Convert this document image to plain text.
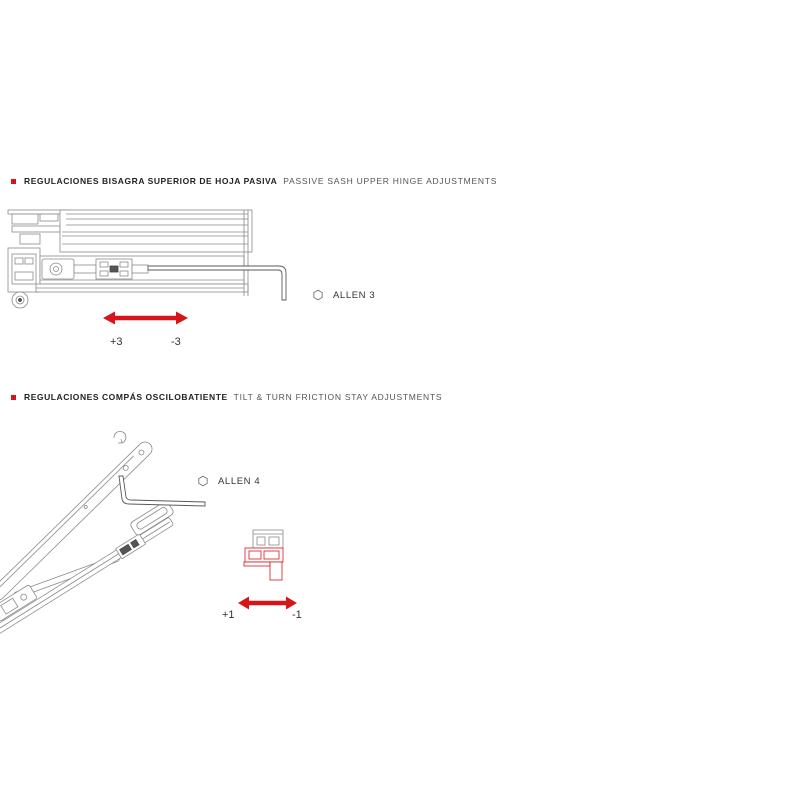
REGULACIONES BISAGRA SUPERIOR DE HOJA PASIVA PASSIVE SASH UPPER HINGE ADJUSTMENTS
ALLEN 3
+3	-3
REGULACIONES COMPÁS OSCILOBATIENTE TILT & TURN FRICTION STAY ADJUSTMENTS
ALLEN 4
+1	-1
